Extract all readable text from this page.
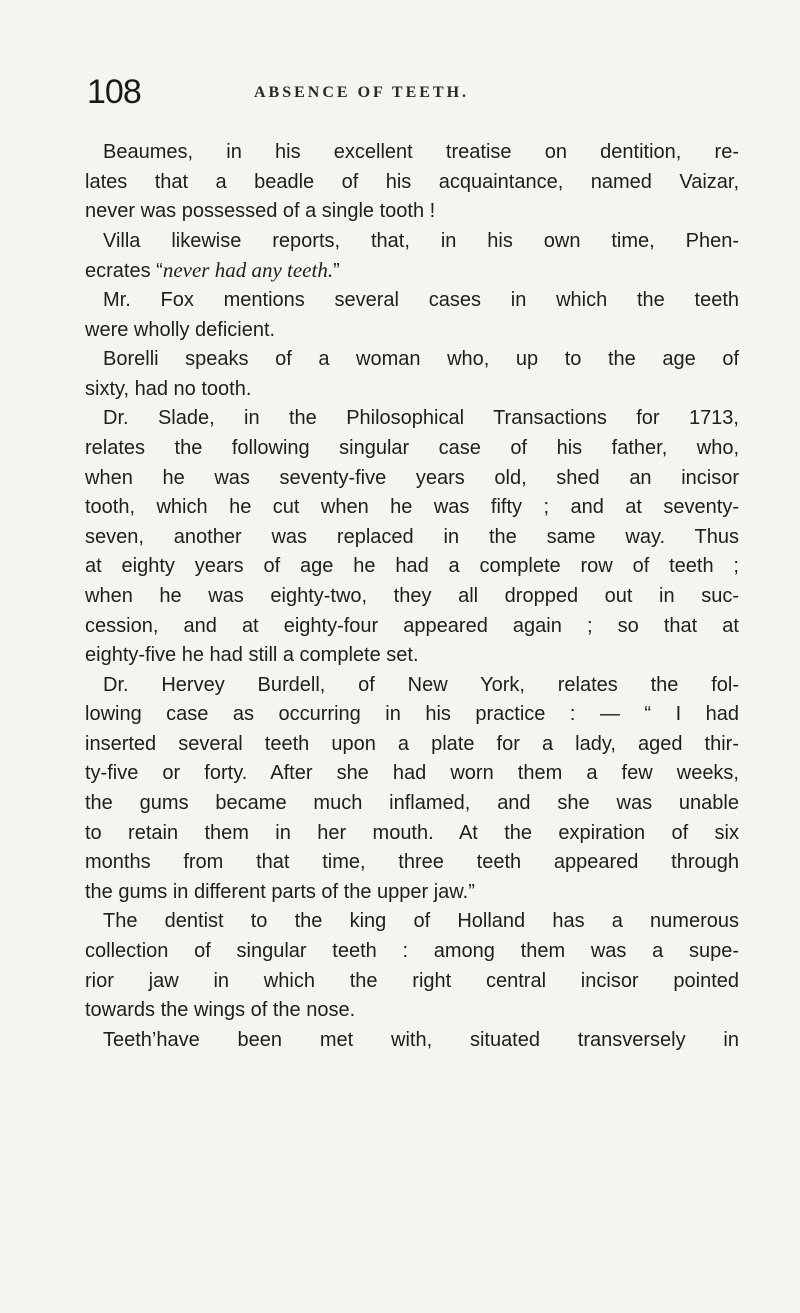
108	ABSENCE OF TEETH.
Beaumes, in his excellent treatise on dentition, re-
lates that a beadle of his acquaintance, named Vaizar,
never was possessed of a single tooth !
Villa likewise reports, that, in his own time, Phen-
ecrates “never had any teeth.”
Mr. Fox mentions several cases in which the teeth
were wholly deficient.
Borelli speaks of a woman who, up to the age of
sixty, had no tooth.
Dr. Slade, in the Philosophical Transactions for 1713,
relates the following singular case of his father, who,
when he was seventy-five years old, shed an incisor
tooth, which he cut when he was fifty ; and at seventy-
seven, another was replaced in the same way. Thus
at eighty years of age he had a complete row of teeth ;
when he was eighty-two, they all dropped out in suc-
cession, and at eighty-four appeared again ; so that at
eighty-five he had still a complete set.
Dr. Hervey Burdell, of New York, relates the fol-
lowing case as occurring in his practice : — “ I had
inserted several teeth upon a plate for a lady, aged thir-
ty-five or forty. After she had worn them a few weeks,
the gums became much inflamed, and she was unable
to retain them in her mouth. At the expiration of six
months from that time, three teeth appeared through
the gums in different parts of the upper jaw.”
The dentist to the king of Holland has a numerous
collection of singular teeth : among them was a supe-
rior jaw in which the right central incisor pointed
towards the wings of the nose.
Teeth’have been met with, situated transversely in
